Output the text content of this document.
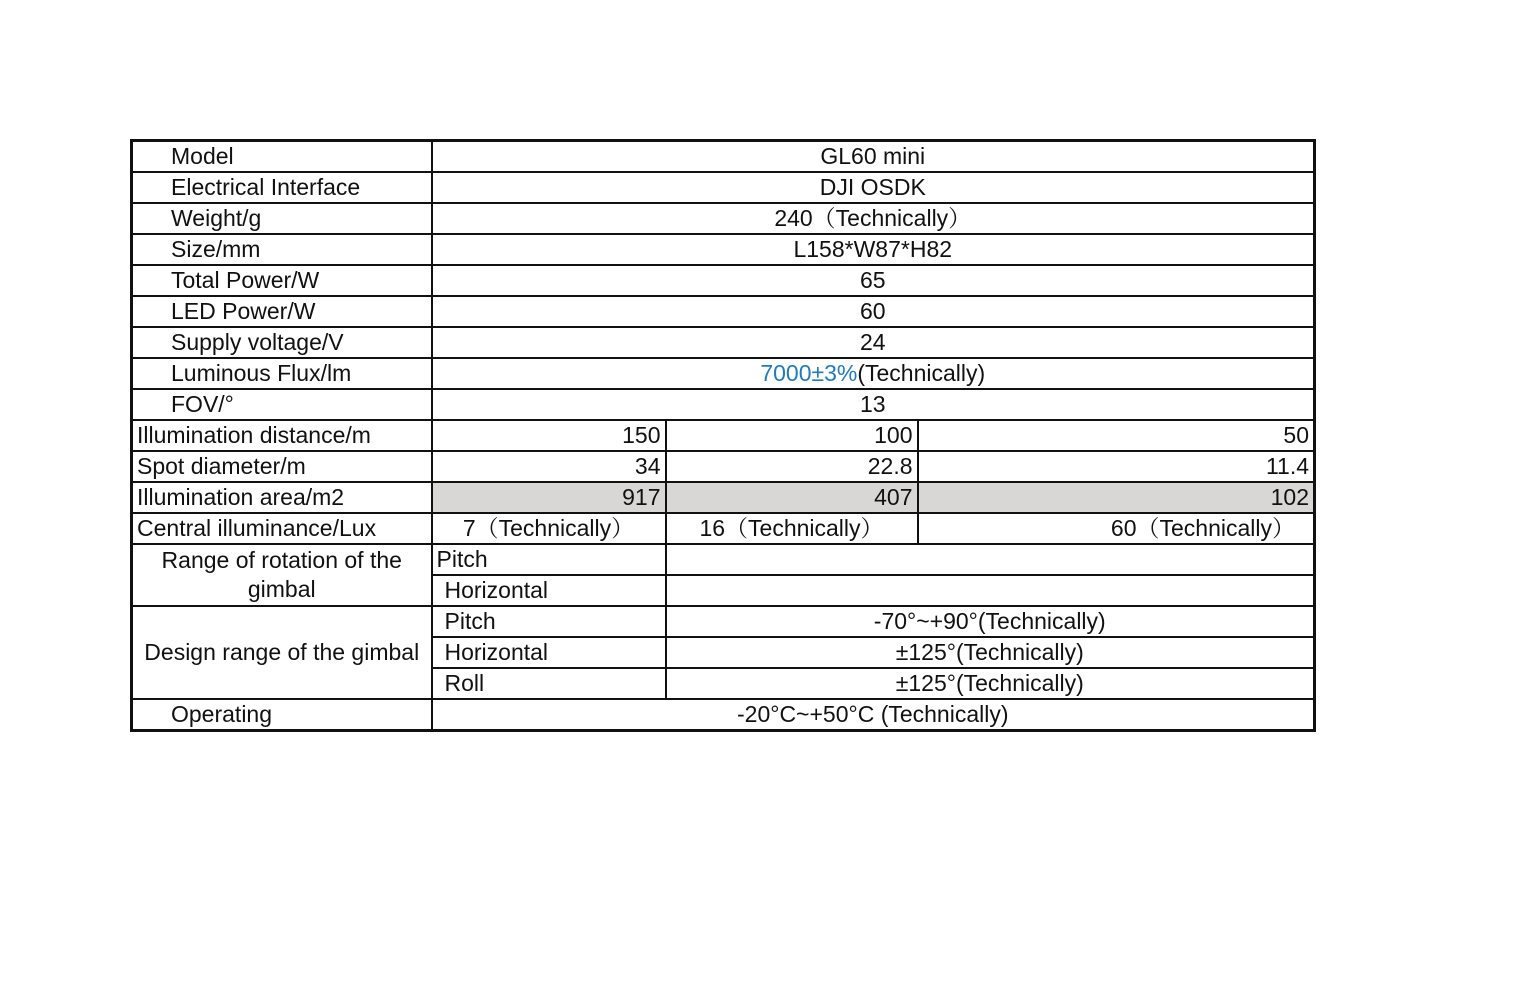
Model	GL60 mini		
Electrical Interface	DJI OSDK		
Weight/g	240（Technically）		
Size/mm	L158*W87*H82		
Total Power/W	65		
LED Power/W	60		
Supply voltage/V	24		
Luminous Flux/lm	7000±3%(Technically)		
FOV/°	13		
Illumination distance/m	150	100	50
Spot diameter/m	34	22.8	11.4
Illumination area/m2	917	407	102
Central illuminance/Lux	7（Technically）	16（Technically）	60（Technically）
Range of rotation of the gimbal	Pitch		
	Horizontal		
Design range of the gimbal	Pitch	-70°~+90°(Technically)	
	Horizontal	±125°(Technically)	
	Roll	±125°(Technically)	
Operating	-20°C~+50°C (Technically)		
